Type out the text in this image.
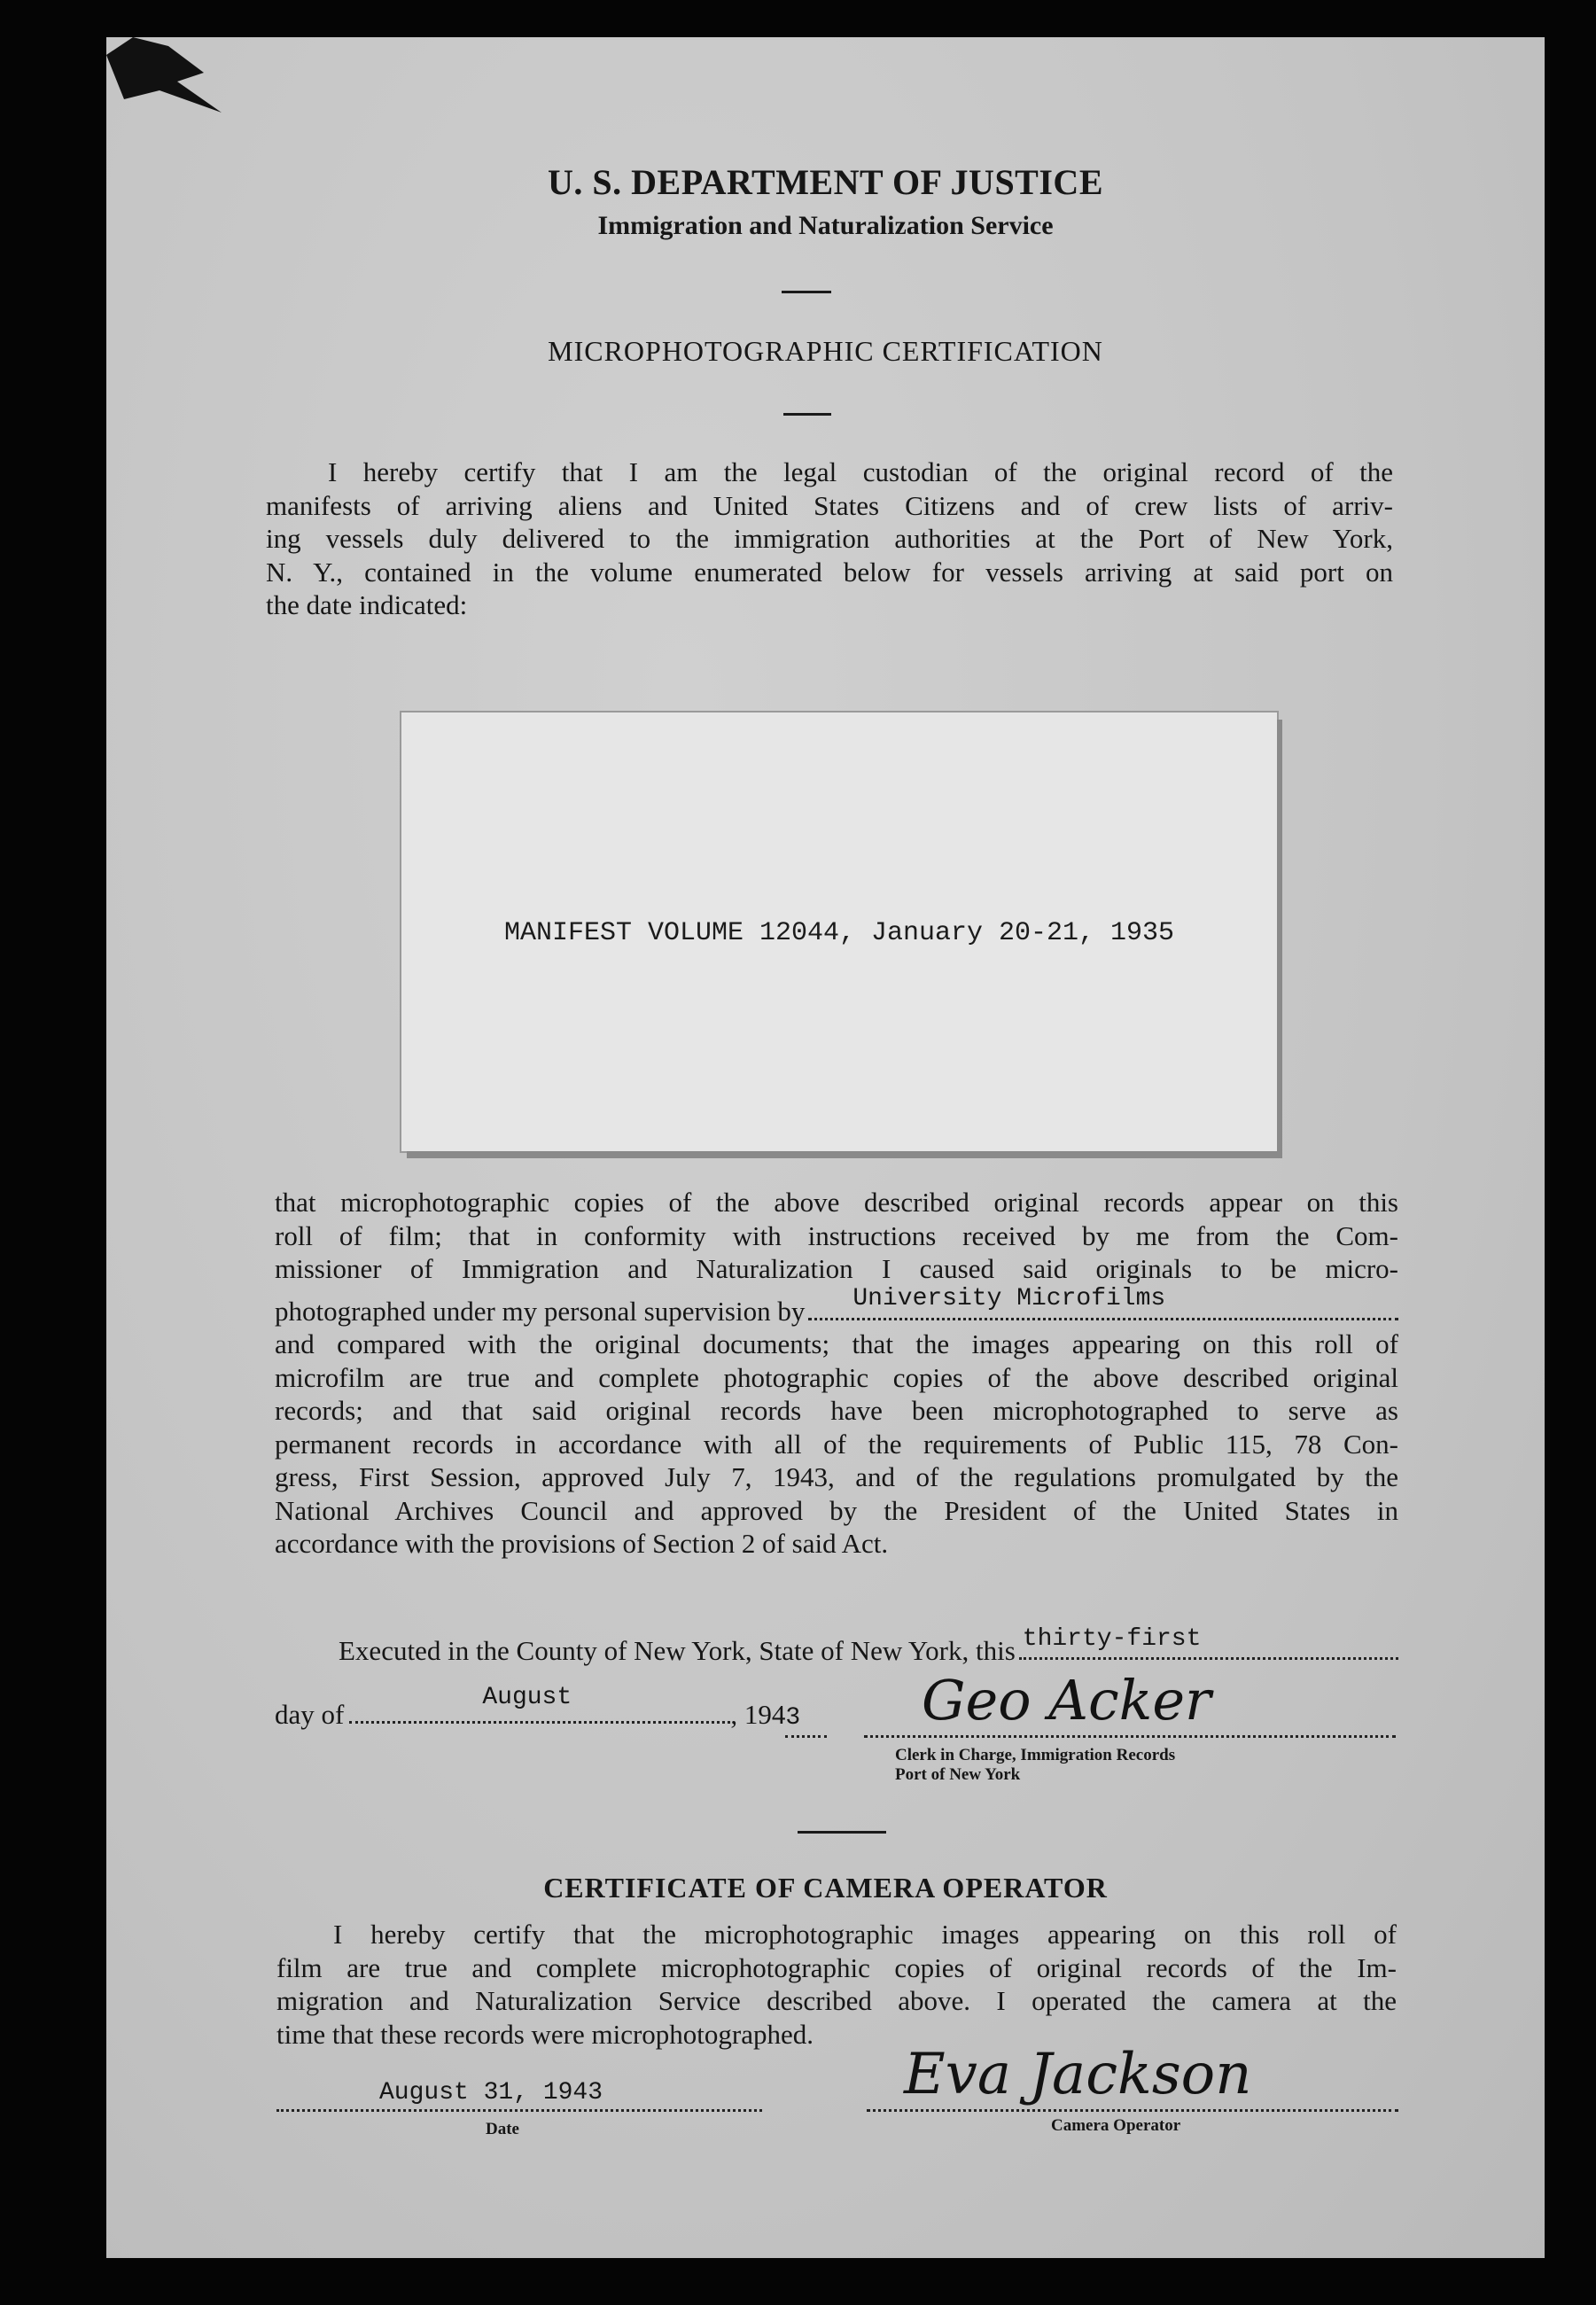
U. S. DEPARTMENT OF JUSTICE
Immigration and Naturalization Service
MICROPHOTOGRAPHIC CERTIFICATION
I hereby certify that I am the legal custodian of the original record of the
manifests of arriving aliens and United States Citizens and of crew lists of arriv-
ing vessels duly delivered to the immigration authorities at the Port of New York,
N. Y., contained in the volume enumerated below for vessels arriving at said port on
the date indicated:
MANIFEST VOLUME 12044, January 20-21, 1935
that microphotographic copies of the above described original records appear on this
roll of film; that in conformity with instructions received by me from the Com-
missioner of Immigration and Naturalization I caused said originals to be micro-
photographed under my personal supervision by University Microfilms
and compared with the original documents; that the images appearing on this roll of
microfilm are true and complete photographic copies of the above described original
records; and that said original records have been microphotographed to serve as
permanent records in accordance with all of the requirements of Public 115, 78 Con-
gress, First Session, approved July 7, 1943, and of the regulations promulgated by the
National Archives Council and approved by the President of the United States in
accordance with the provisions of Section 2 of said Act.
Executed in the County of New York, State of New York, this thirty-first
day of
August
, 194 3	Geo Acker
Clerk in Charge, Immigration Records
Port of New York
CERTIFICATE OF CAMERA OPERATOR
I hereby certify that the microphotographic images appearing on this roll of
film are true and complete microphotographic copies of original records of the Im-
migration and Naturalization Service described above. I operated the camera at the
time that these records were microphotographed.
August 31, 1943
Date
Eva Jackson
Camera Operator
